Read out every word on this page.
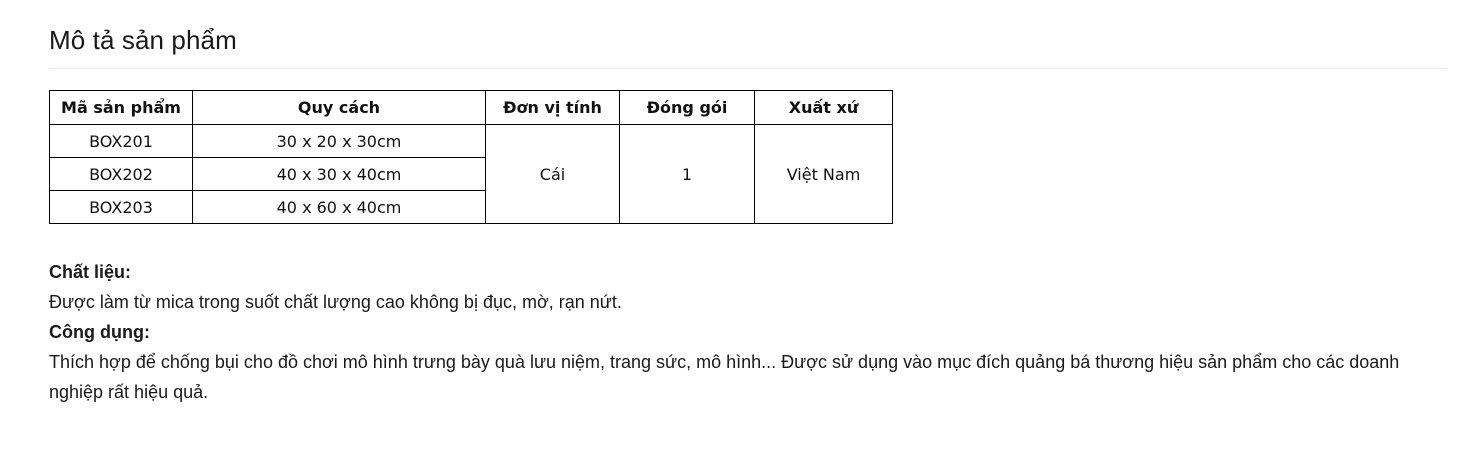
Mô tả sản phẩm
Mã sản phẩm	Quy cách	Đơn vị tính	Đóng gói	Xuất xứ
BOX201	30 x 20 x 30cm	Cái	1	Việt Nam
BOX202	40 x 30 x 40cm			
BOX203	40 x 60 x 40cm			
Chất liệu:
Được làm từ mica trong suốt chất lượng cao không bị đục, mờ, rạn nứt.
Công dụng:
Thích hợp để chống bụi cho đồ chơi mô hình trưng bày quà lưu niệm, trang sức, mô hình... Được sử dụng vào mục đích quảng bá thương hiệu sản phẩm cho các doanh nghiệp rất hiệu quả.
